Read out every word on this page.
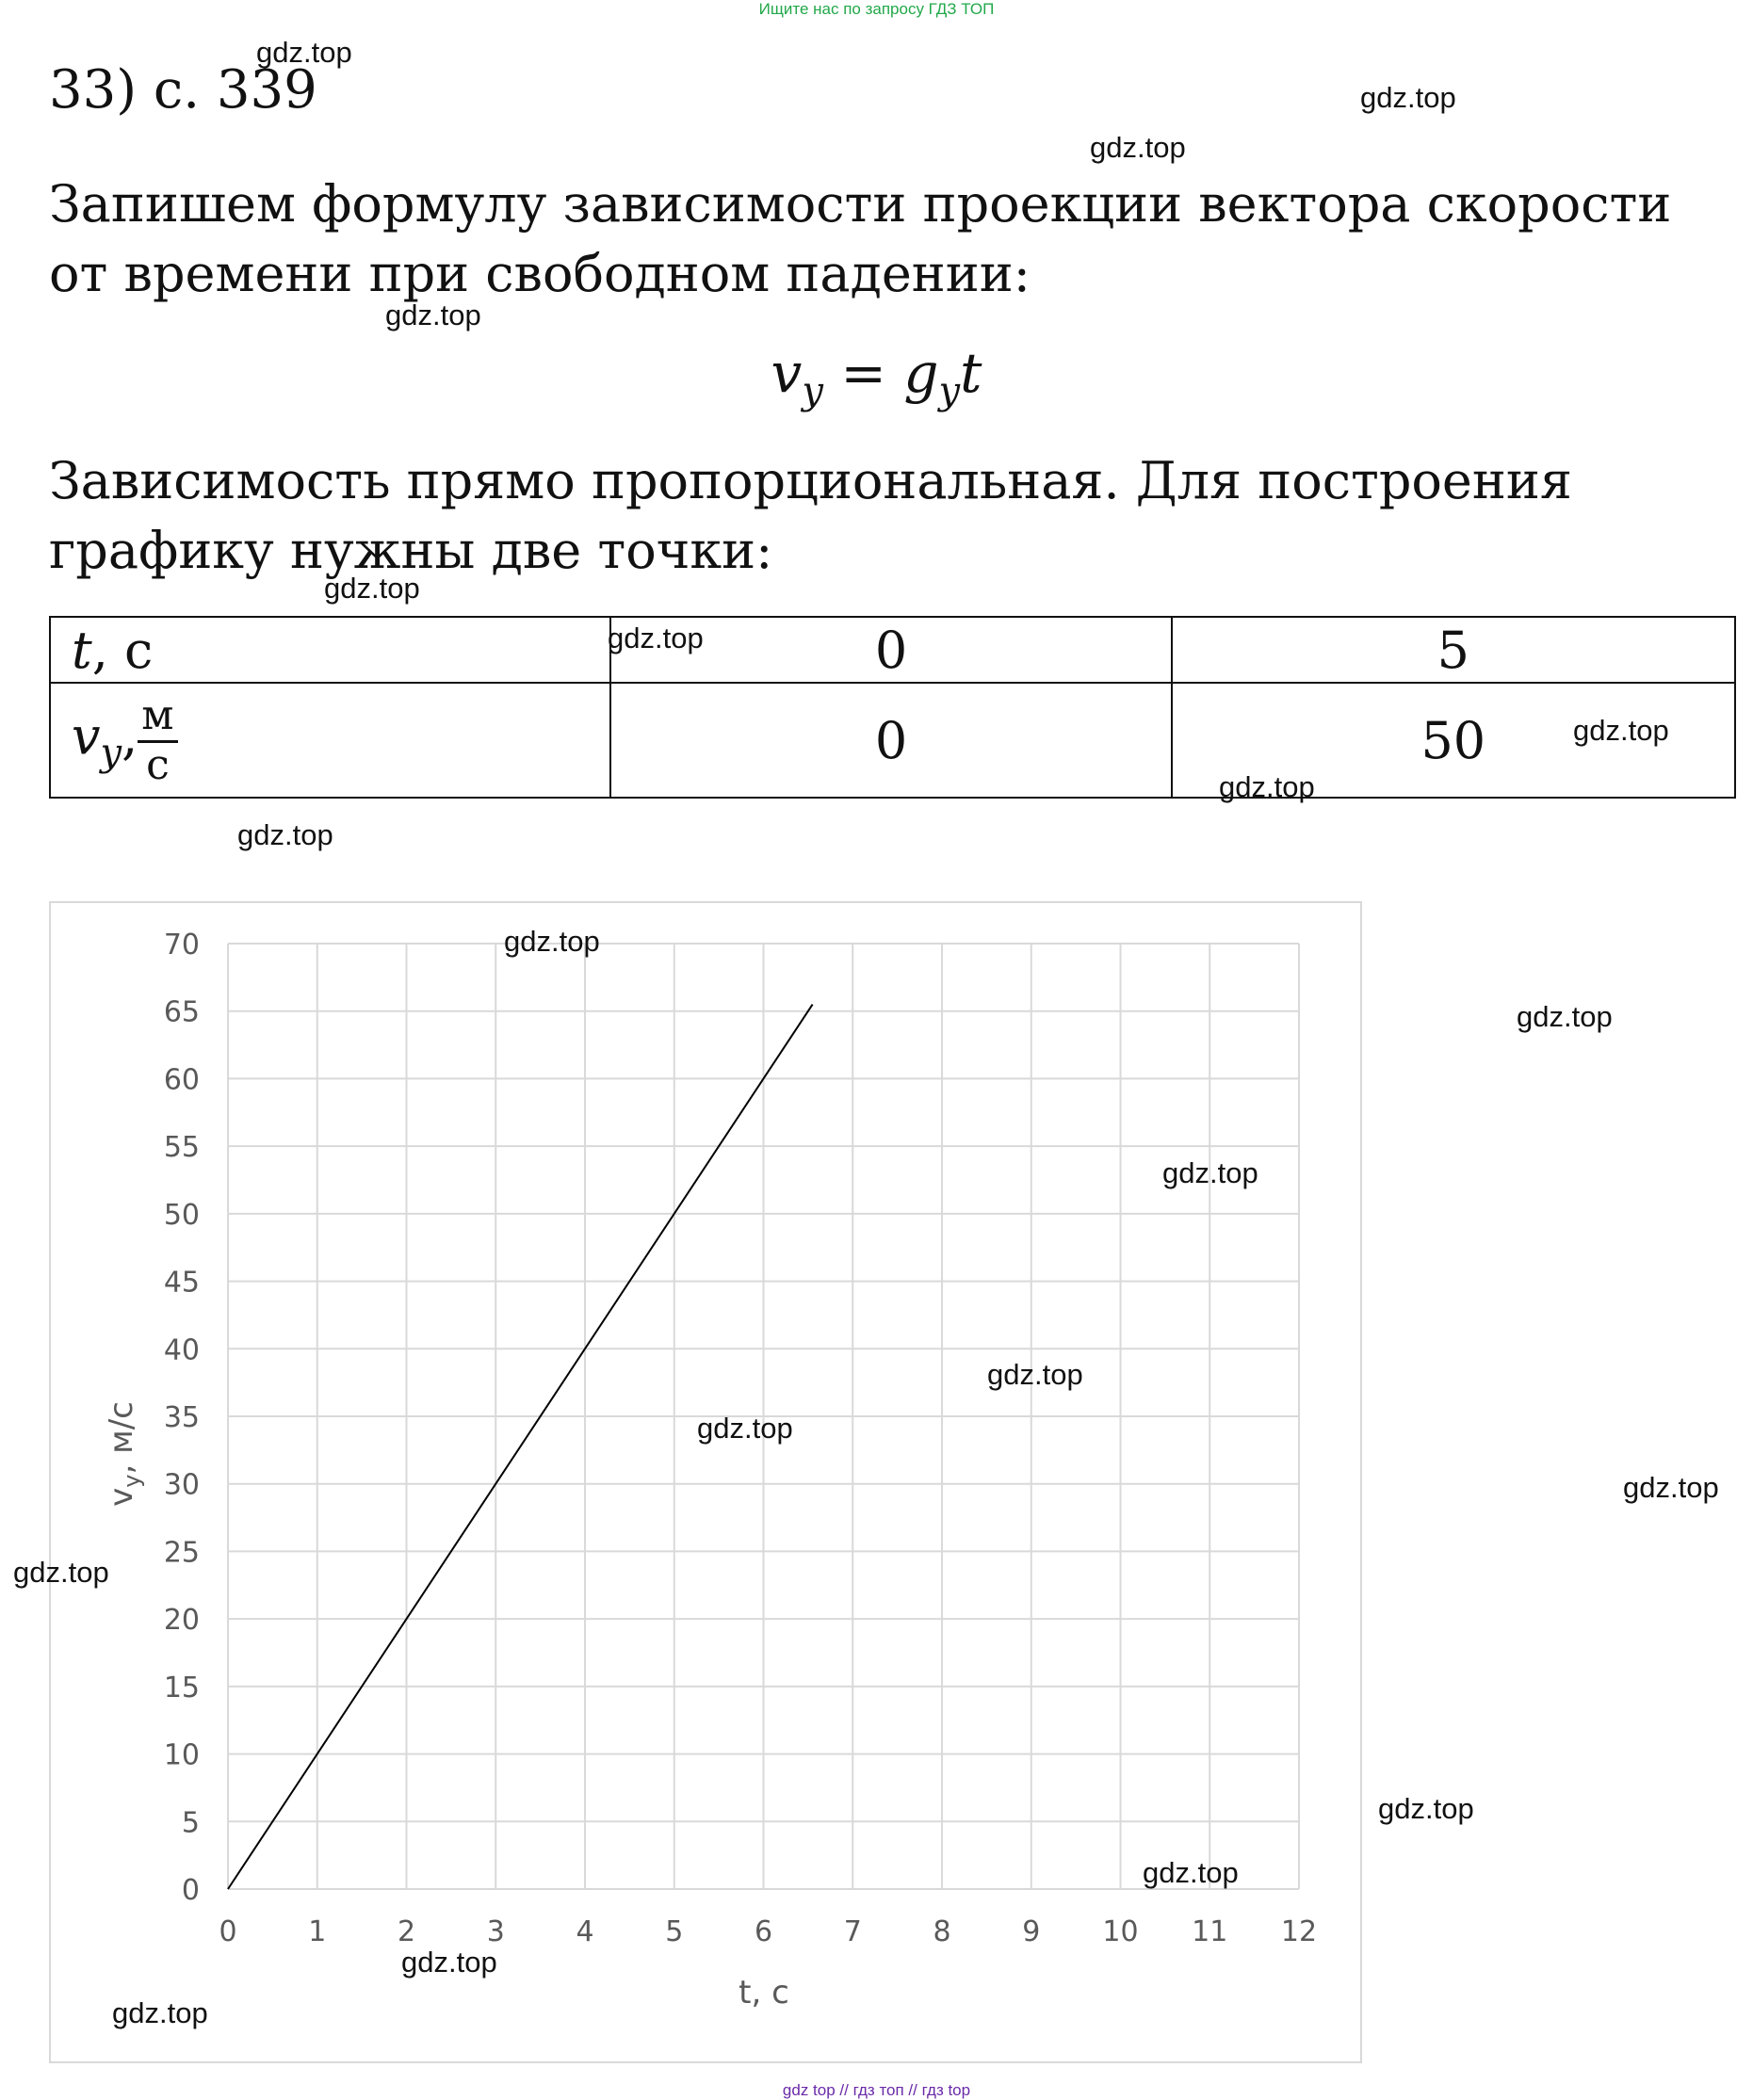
Ищите нас по запросу ГДЗ ТОП
33) с. 339
Запишем формулу зависимости проекции вектора скорости от времени при свободном падении:
$v_y = g_yt$
Зависимость прямо пропорциональная. Для построения графику нужны две точки:
t, с	0	5
$v_y$, $\frac{м}{с}$	0	50
0	1	2	3	4	5	6	7	8	9 10 11 12
0
5
10
15
20
25
30
35
40
45
50
55
60
65
70
t, с
$v_y$, м/с
gdz.top
gdz.top
gdz.top
gdz.top
gdz.top
gdz.top
gdz.top
gdz.top
gdz.top
gdz.top
gdz.top
gdz.top
gdz.top
gdz.top
gdz.top
gdz.top
gdz.top
gdz.top
gdz.top
gdz.top
gdz top // гдз топ // гдз top
